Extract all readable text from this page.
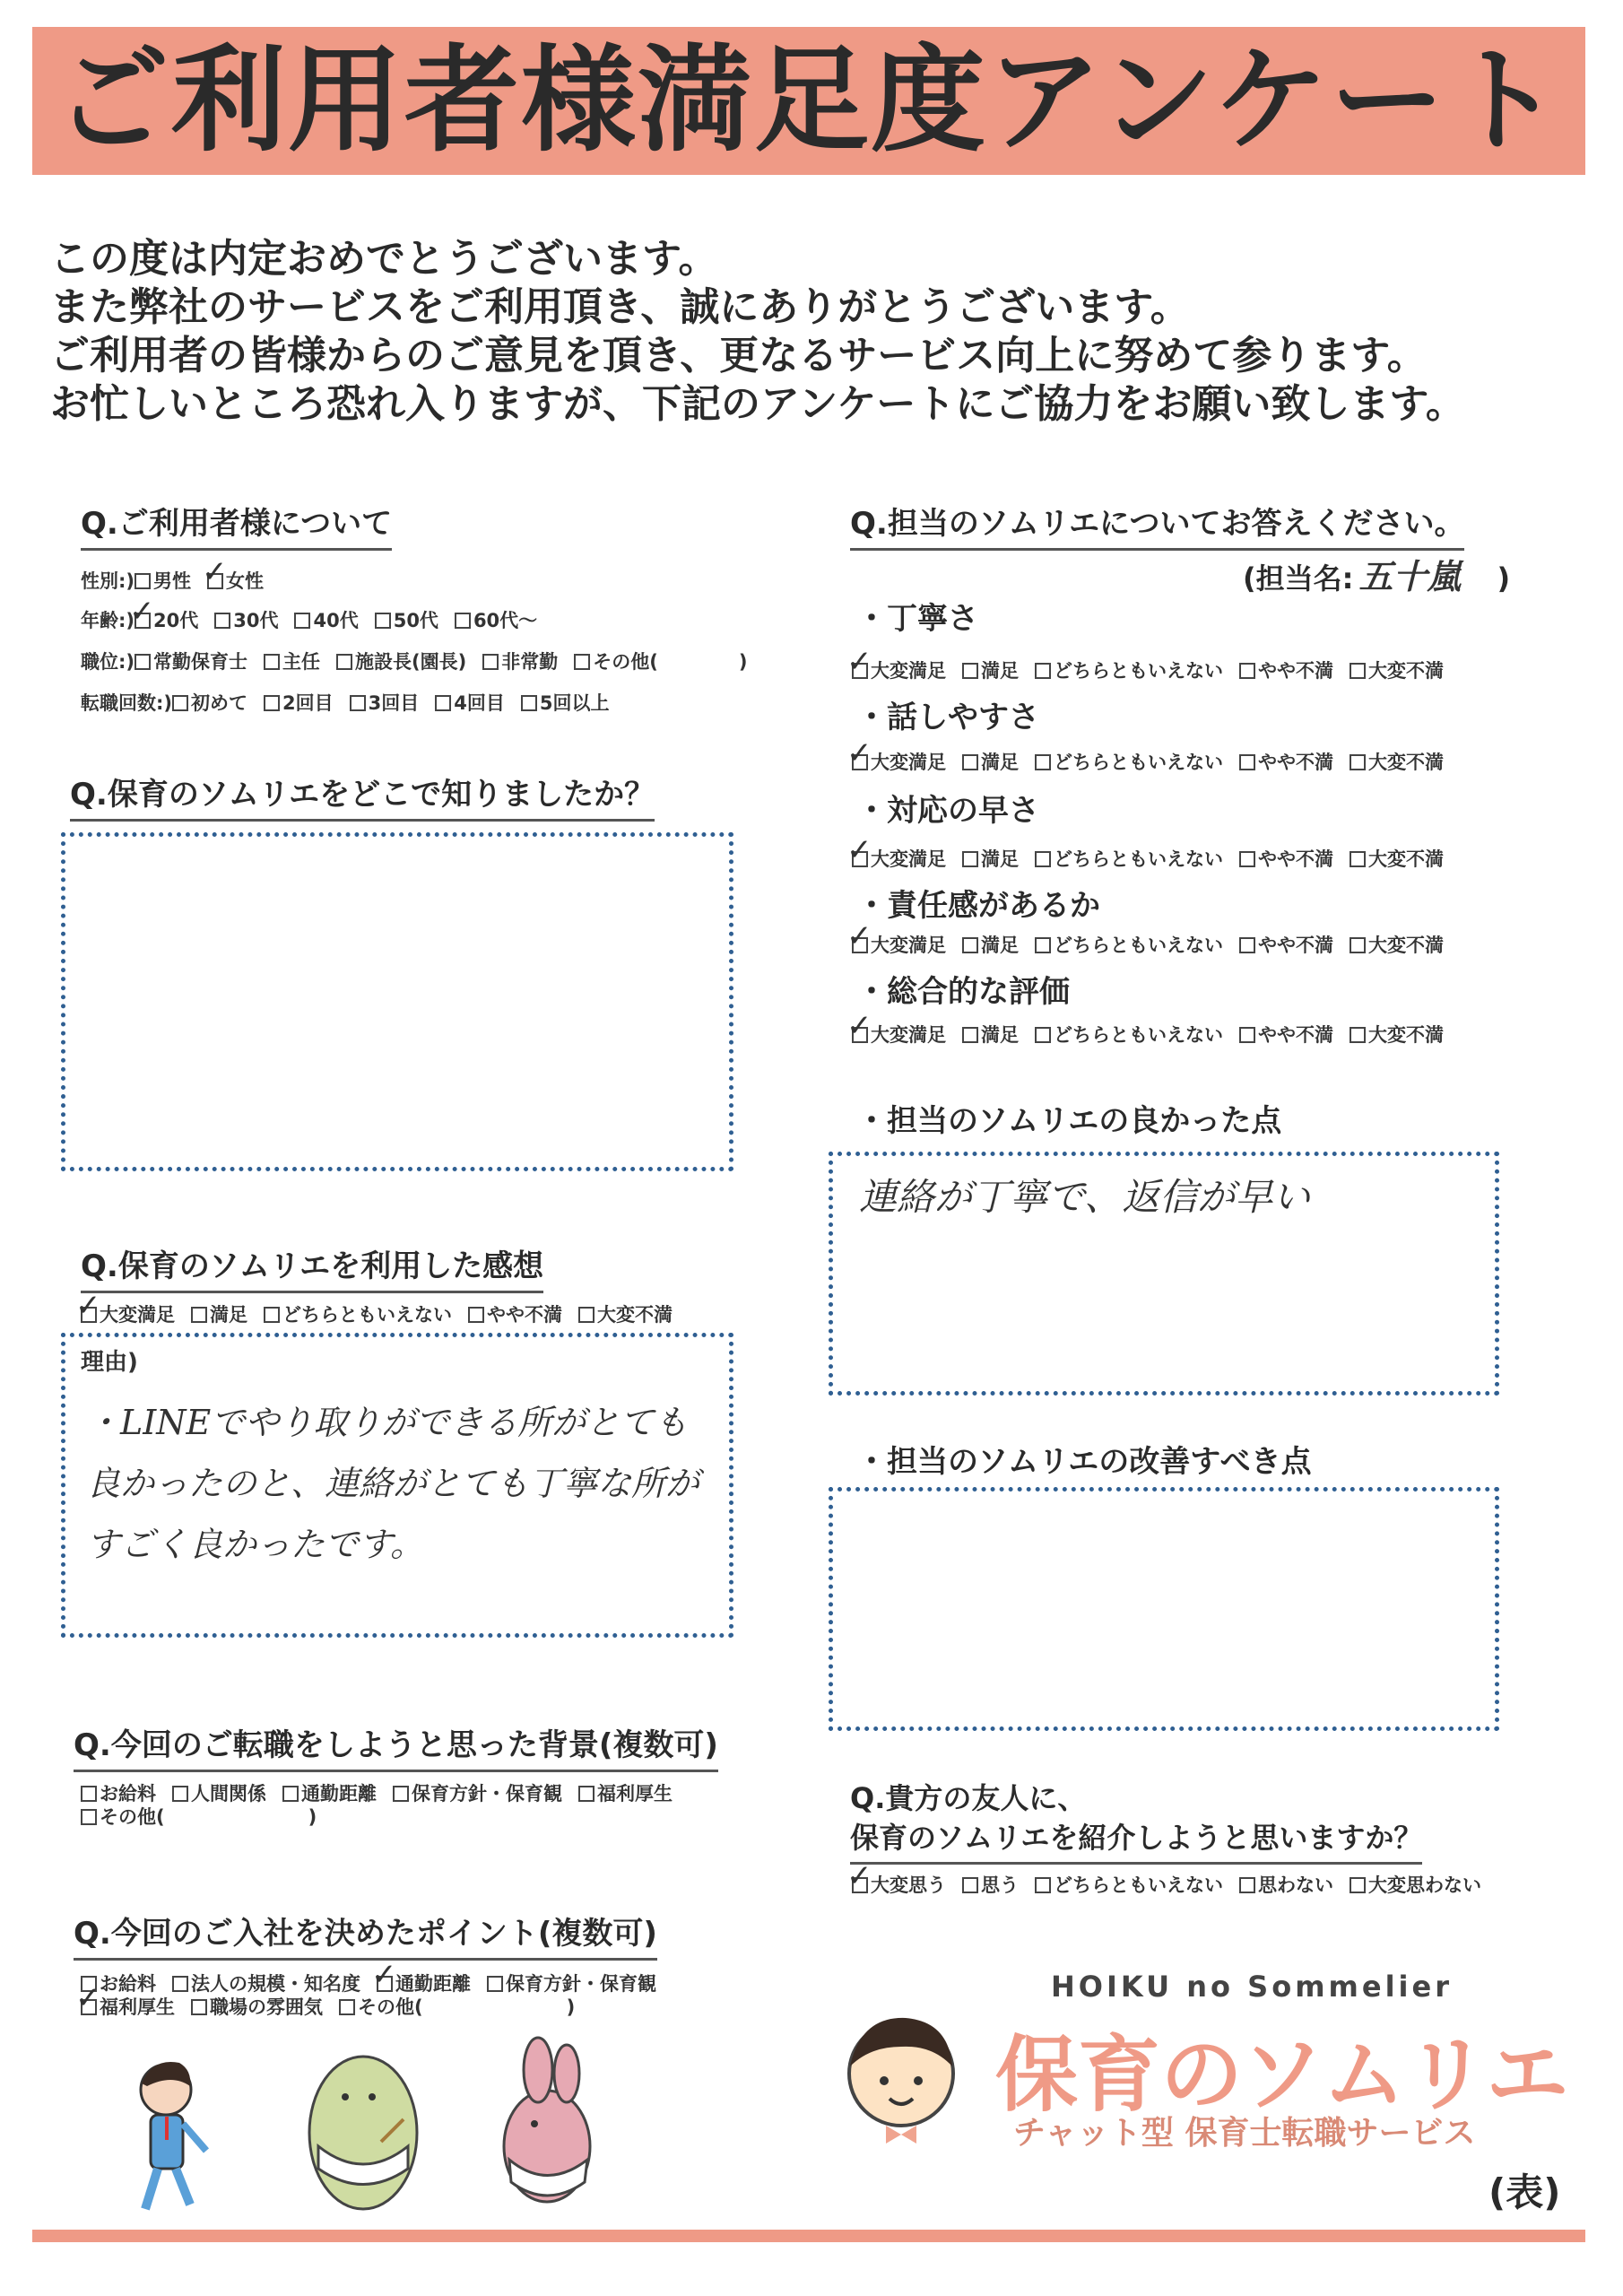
ご利用者様満足度アンケート
この度は内定おめでとうございます。
また弊社のサービスをご利用頂き、誠にありがとうございます。
ご利用者の皆様からのご意見を頂き、更なるサービス向上に努めて参ります。
お忙しいところ恐れ入りますが、下記のアンケートにご協力をお願い致します。
Q.ご利用者様について
性別:) 男性 ✓
女性
年齢:)
✓
20代 30代 40代 50代 60代〜
職位:) 常勤保育士 主任 施設長(園長) 非常勤 その他(	)
転職回数:) 初めて 2回目 3回目 4回目 5回以上
Q.保育のソムリエをどこで知りましたか？
Q.保育のソムリエを利用した感想
✓
大変満足 満足 どちらともいえない やや不満 大変不満
理由)
・LINEでやり取りができる所がとても
良かったのと、連絡がとても丁寧な所が
すごく良かったです。
Q.今回のご転職をしようと思った背景(複数可)
お給料 人間関係 通勤距離 保育方針・保育観 福利厚生
その他(	)
Q.今回のご入社を決めたポイント(複数可)
お給料 法人の規模・知名度 ✓
通勤距離 保育方針・保育観
✓
福利厚生 職場の雰囲気 その他(	)
Q.担当のソムリエについてお答えください。
(担当名: 五十嵐 )
・丁寧さ
✓
大変満足 満足 どちらともいえない やや不満 大変不満
・話しやすさ
✓
大変満足 満足 どちらともいえない やや不満 大変不満
・対応の早さ
✓
大変満足 満足 どちらともいえない やや不満 大変不満
・責任感があるか
✓
大変満足 満足 どちらともいえない やや不満 大変不満
・総合的な評価
✓
大変満足 満足 どちらともいえない やや不満 大変不満
・担当のソムリエの良かった点
連絡が丁寧で、返信が早い
・担当のソムリエの改善すべき点
Q.貴方の友人に、
保育のソムリエを紹介しようと思いますか？
✓
大変思う 思う どちらともいえない 思わない 大変思わない
HOIKU no Sommelier
保育のソムリエ
チャット型 保育士転職サービス
(表)
